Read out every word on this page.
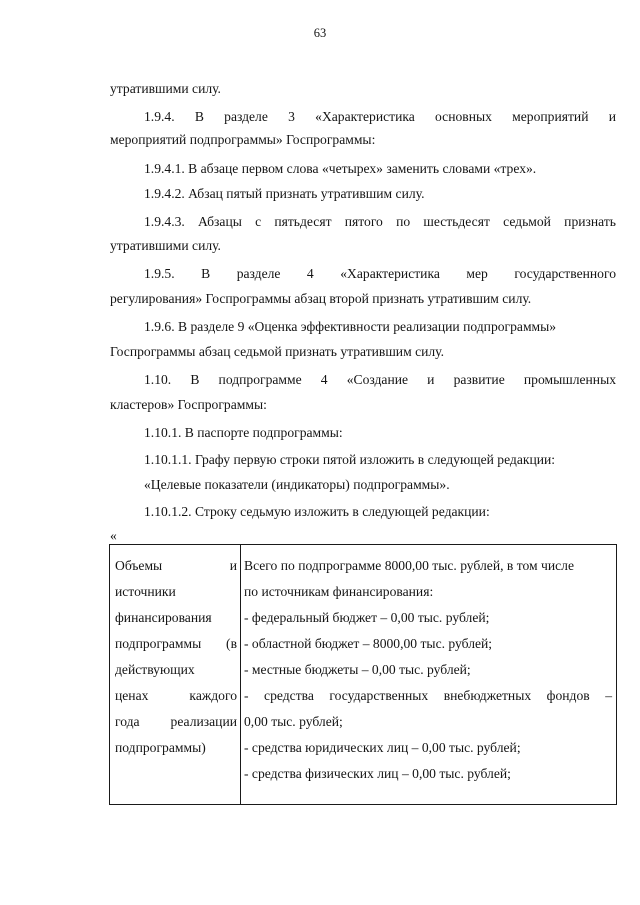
63
утратившими силу.
1.9.4. В разделе 3 «Характеристика основных мероприятий и
мероприятий подпрограммы» Госпрограммы:
1.9.4.1. В абзаце первом слова «четырех» заменить словами «трех».
1.9.4.2. Абзац пятый признать утратившим силу.
1.9.4.3. Абзацы с пятьдесят пятого по шестьдесят седьмой признать
утратившими силу.
1.9.5. В разделе 4 «Характеристика мер государственного
регулирования» Госпрограммы абзац второй признать утратившим силу.
1.9.6. В разделе 9 «Оценка эффективности реализации подпрограммы»
Госпрограммы абзац седьмой признать утратившим силу.
1.10. В подпрограмме 4 «Создание и развитие промышленных
кластеров» Госпрограммы:
1.10.1. В паспорте подпрограммы:
1.10.1.1. Графу первую строки пятой изложить в следующей редакции:
«Целевые показатели (индикаторы) подпрограммы».
1.10.1.2. Строку седьмую изложить в следующей редакции:
«
Объемы и
источники
финансирования
подпрограммы (в
действующих
ценах каждого
года реализации
подпрограммы)
Всего по подпрограмме 8000,00 тыс. рублей, в том числе
по источникам финансирования:
- федеральный бюджет – 0,00 тыс. рублей;
- областной бюджет – 8000,00 тыс. рублей;
- местные бюджеты – 0,00 тыс. рублей;
- средства государственных внебюджетных фондов –
0,00 тыс. рублей;
- средства юридических лиц – 0,00 тыс. рублей;
- средства физических лиц – 0,00 тыс. рублей;
